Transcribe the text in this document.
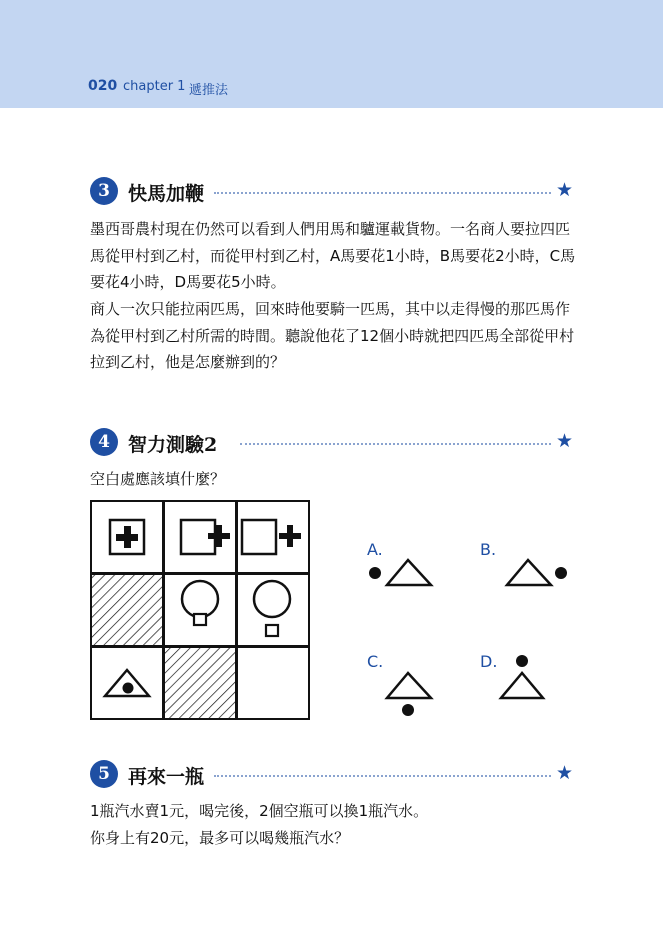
020 chapter 1 遞推法
3 快馬加鞭	★

墨西哥農村現在仍然可以看到人們用馬和驢運載貨物。一名商人要拉四匹馬從甲村到乙村，而從甲村到乙村，A馬要花1小時，B馬要花2小時，C馬要花4小時，D馬要花5小時。

商人一次只能拉兩匹馬，回來時他要騎一匹馬，其中以走得慢的那匹馬作為從甲村到乙村所需的時間。聽說他花了12個小時就把四匹馬全部從甲村拉到乙村，他是怎麼辦到的？

4 智力測驗2	★

空白處應該填什麼？

A.	B.
C.	D.
5 再來一瓶	★

1瓶汽水賣1元，喝完後，2個空瓶可以換1瓶汽水。

你身上有20元，最多可以喝幾瓶汽水？
